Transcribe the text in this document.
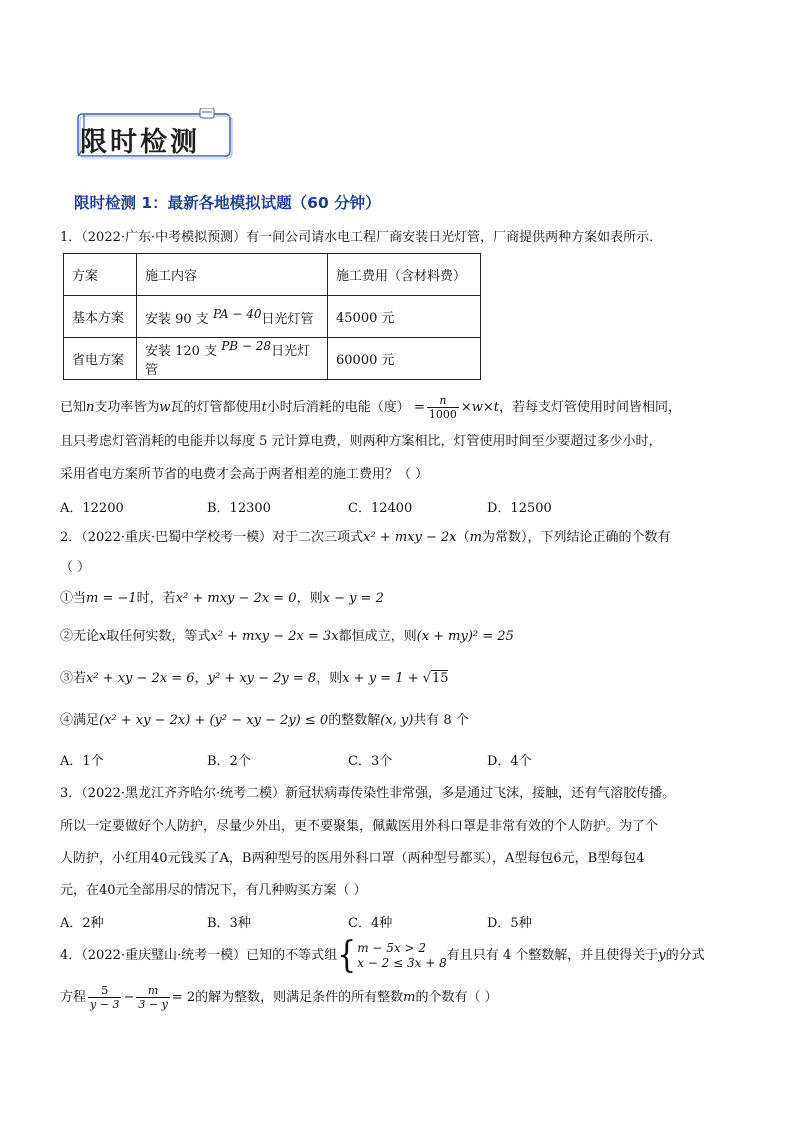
限时检测
限时检测 1：最新各地模拟试题（60 分钟）
1．（2022·广东·中考模拟预测）有一间公司请水电工程厂商安装日光灯管，厂商提供两种方案如表所示．
方案	施工内容	施工费用（含材料费）
基本方案	安装 90 支 PA − 40日光灯管	45000 元
省电方案	安装 120 支 PB − 28日光灯管	60000 元
已知n支功率皆为w瓦的灯管都使用t小时后消耗的电能（度） = $\frac{n}{1000} \times w\times t$，若每支灯管使用时间皆相同，
且只考虑灯管消耗的电能并以每度 5 元计算电费，则两种方案相比，灯管使用时间至少要超过多少小时，
采用省电方案所节省的电费才会高于两者相差的施工费用？（ ）
A．12200	B．12300	C．12400	D．12500
2．（2022·重庆·巴蜀中学校考一模）对于二次三项式x² + mxy − 2x（m为常数），下列结论正确的个数有
（ ）
①当m = −1时，若x² + mxy − 2x = 0，则x − y = 2
②无论x取任何实数，等式x² + mxy − 2x = 3x都恒成立，则(x + my)² = 25
③若x² + xy − 2x = 6，y² + xy − 2y = 8，则x + y = 1 + √15
④满足(x² + xy − 2x) + (y² − xy − 2y) ≤ 0的整数解(x, y)共有 8 个
A．1个	B．2个	C．3个	D．4个
3．（2022·黑龙江齐齐哈尔·统考二模）新冠状病毒传染性非常强，多是通过飞沫，接触，还有气溶胶传播。
所以一定要做好个人防护，尽量少外出，更不要聚集，佩戴医用外科口罩是非常有效的个人防护。为了个
人防护，小红用40元钱买了A，B两种型号的医用外科口罩（两种型号都买），A型每包6元，B型每包4
元，在40元全部用尽的情况下，有几种购买方案（ ）
A．2种	B．3种	C．4种	D．5种
4．（2022·重庆璧山·统考一模）已知的不等式组{ m − 5x > 2
x − 2 ≤ 3x + 8 有且只有 4 个整数解，并且使得关于y的分式
方程 $\frac{5}{y - 3} - \frac{m}{3 - y} = 2$的解为整数，则满足条件的所有整数m的个数有（ ）
